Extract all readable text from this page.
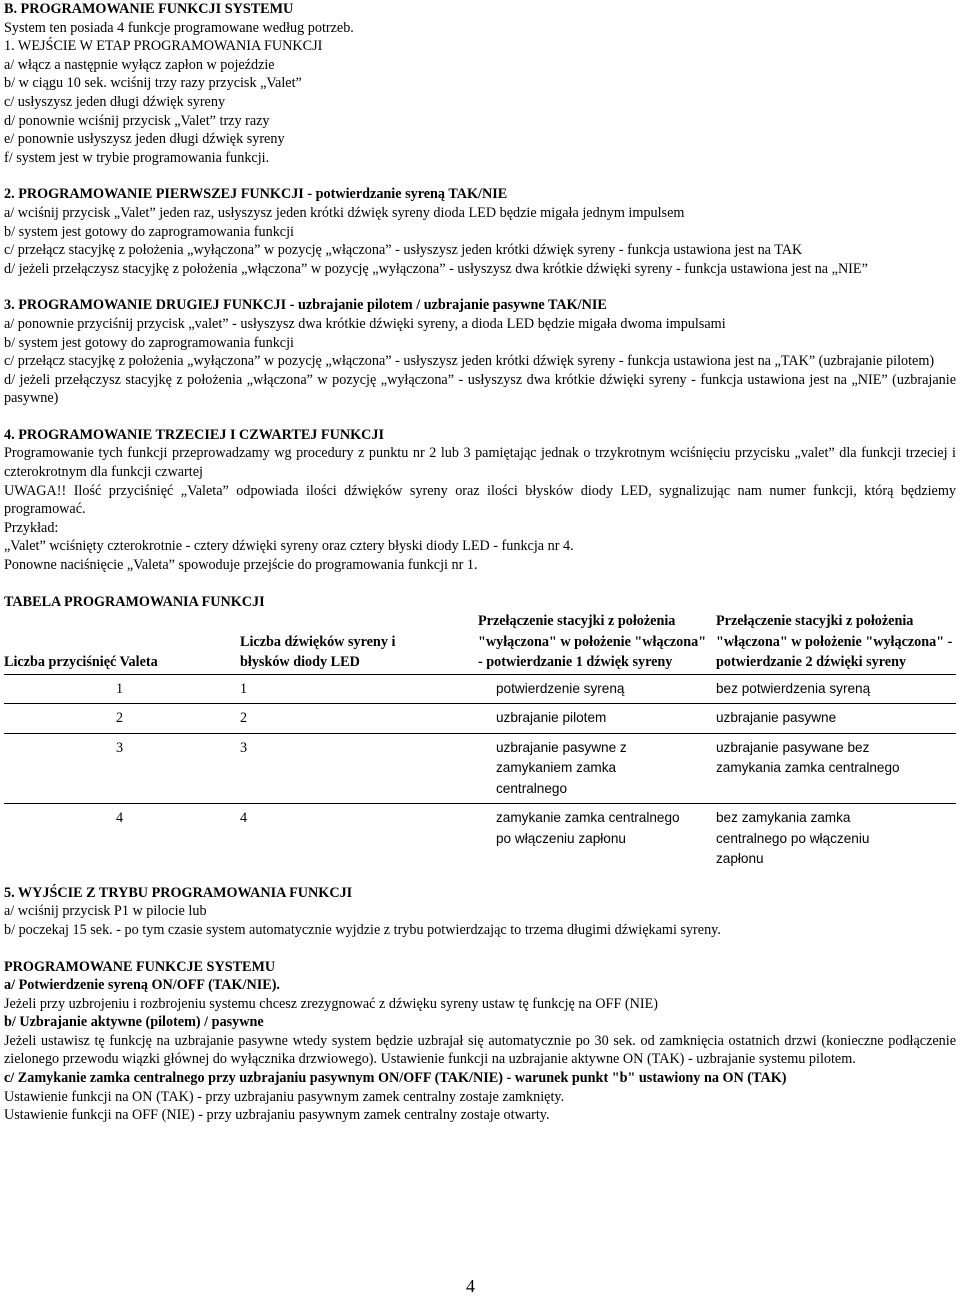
B. PROGRAMOWANIE FUNKCJI SYSTEMU
System ten posiada 4 funkcje programowane według potrzeb.
1. WEJŚCIE W ETAP PROGRAMOWANIA FUNKCJI
a/ włącz a następnie wyłącz zapłon w pojeździe
b/ w ciągu 10 sek. wciśnij trzy razy przycisk „Valet”
c/ usłyszysz jeden długi dźwięk syreny
d/ ponownie wciśnij przycisk „Valet” trzy razy
e/ ponownie usłyszysz jeden długi dźwięk syreny
f/ system jest w trybie programowania funkcji.
2. PROGRAMOWANIE PIERWSZEJ FUNKCJI - potwierdzanie syreną TAK/NIE
a/ wciśnij przycisk „Valet” jeden raz, usłyszysz jeden krótki dźwięk syreny dioda LED będzie migała jednym impulsem
b/ system jest gotowy do zaprogramowania funkcji
c/ przełącz stacyjkę z położenia „wyłączona” w pozycję „włączona” - usłyszysz jeden krótki dźwięk syreny - funkcja ustawiona jest na TAK
d/ jeżeli przełączysz stacyjkę z położenia „włączona” w pozycję „wyłączona” - usłyszysz dwa krótkie dźwięki syreny - funkcja ustawiona jest na „NIE”
3. PROGRAMOWANIE DRUGIEJ FUNKCJI - uzbrajanie pilotem / uzbrajanie pasywne TAK/NIE
a/ ponownie przyciśnij przycisk „valet” - usłyszysz dwa krótkie dźwięki syreny, a dioda LED będzie migała dwoma impulsami
b/ system jest gotowy do zaprogramowania funkcji
c/ przełącz stacyjkę z położenia „wyłączona” w pozycję „włączona” - usłyszysz jeden krótki dźwięk syreny - funkcja ustawiona jest na „TAK” (uzbrajanie pilotem)
d/ jeżeli przełączysz stacyjkę z położenia „włączona” w pozycję „wyłączona” - usłyszysz dwa krótkie dźwięki syreny - funkcja ustawiona jest na „NIE” (uzbrajanie pasywne)
4. PROGRAMOWANIE TRZECIEJ I CZWARTEJ FUNKCJI
Programowanie tych funkcji przeprowadzamy wg procedury z punktu nr 2 lub 3 pamiętając jednak o trzykrotnym wciśnięciu przycisku „valet” dla funkcji trzeciej i czterokrotnym dla funkcji czwartej
UWAGA!! Ilość przyciśnięć „Valeta” odpowiada ilości dźwięków syreny oraz ilości błysków diody LED, sygnalizując nam numer funkcji, którą będziemy programować.
Przykład:
„Valet” wciśnięty czterokrotnie - cztery dźwięki syreny oraz cztery błyski diody LED - funkcja nr 4.
Ponowne naciśnięcie „Valeta” spowoduje przejście do programowania funkcji nr 1.
TABELA PROGRAMOWANIA FUNKCJI
Liczba przyciśnięć Valeta	Liczba dźwięków syreny i błysków diody LED	Przełączenie stacyjki z położenia "wyłączona" w położenie "włączona" - potwierdzanie 1 dźwięk syreny	Przełączenie stacyjki z położenia "włączona" w położenie "wyłączona" - potwierdzanie 2 dźwięki syreny
1	1	potwierdzenie syreną	bez potwierdzenia syreną
2	2	uzbrajanie pilotem	uzbrajanie pasywne
3	3	uzbrajanie pasywne z zamykaniem zamka centralnego	uzbrajanie pasywane bez zamykania zamka centralnego
4	4	zamykanie zamka centralnego po włączeniu zapłonu	bez zamykania zamka centralnego po włączeniu zapłonu
5. WYJŚCIE Z TRYBU PROGRAMOWANIA FUNKCJI
a/ wciśnij przycisk P1 w pilocie lub
b/ poczekaj 15 sek. - po tym czasie system automatycznie wyjdzie z trybu potwierdzając to trzema długimi dźwiękami syreny.
PROGRAMOWANE FUNKCJE SYSTEMU
a/ Potwierdzenie syreną ON/OFF (TAK/NIE).
Jeżeli przy uzbrojeniu i rozbrojeniu systemu chcesz zrezygnować z dźwięku syreny ustaw tę funkcję na OFF (NIE)
b/ Uzbrajanie aktywne (pilotem) / pasywne
Jeżeli ustawisz tę funkcję na uzbrajanie pasywne wtedy system będzie uzbrajał się automatycznie po 30 sek. od zamknięcia ostatnich drzwi (konieczne podłączenie zielonego przewodu wiązki głównej do wyłącznika drzwiowego). Ustawienie funkcji na uzbrajanie aktywne ON (TAK) - uzbrajanie systemu pilotem.
c/ Zamykanie zamka centralnego przy uzbrajaniu pasywnym ON/OFF (TAK/NIE) - warunek punkt "b" ustawiony na ON (TAK)
Ustawienie funkcji na ON (TAK) - przy uzbrajaniu pasywnym zamek centralny zostaje zamknięty.
Ustawienie funkcji na OFF (NIE) - przy uzbrajaniu pasywnym zamek centralny zostaje otwarty.
4
